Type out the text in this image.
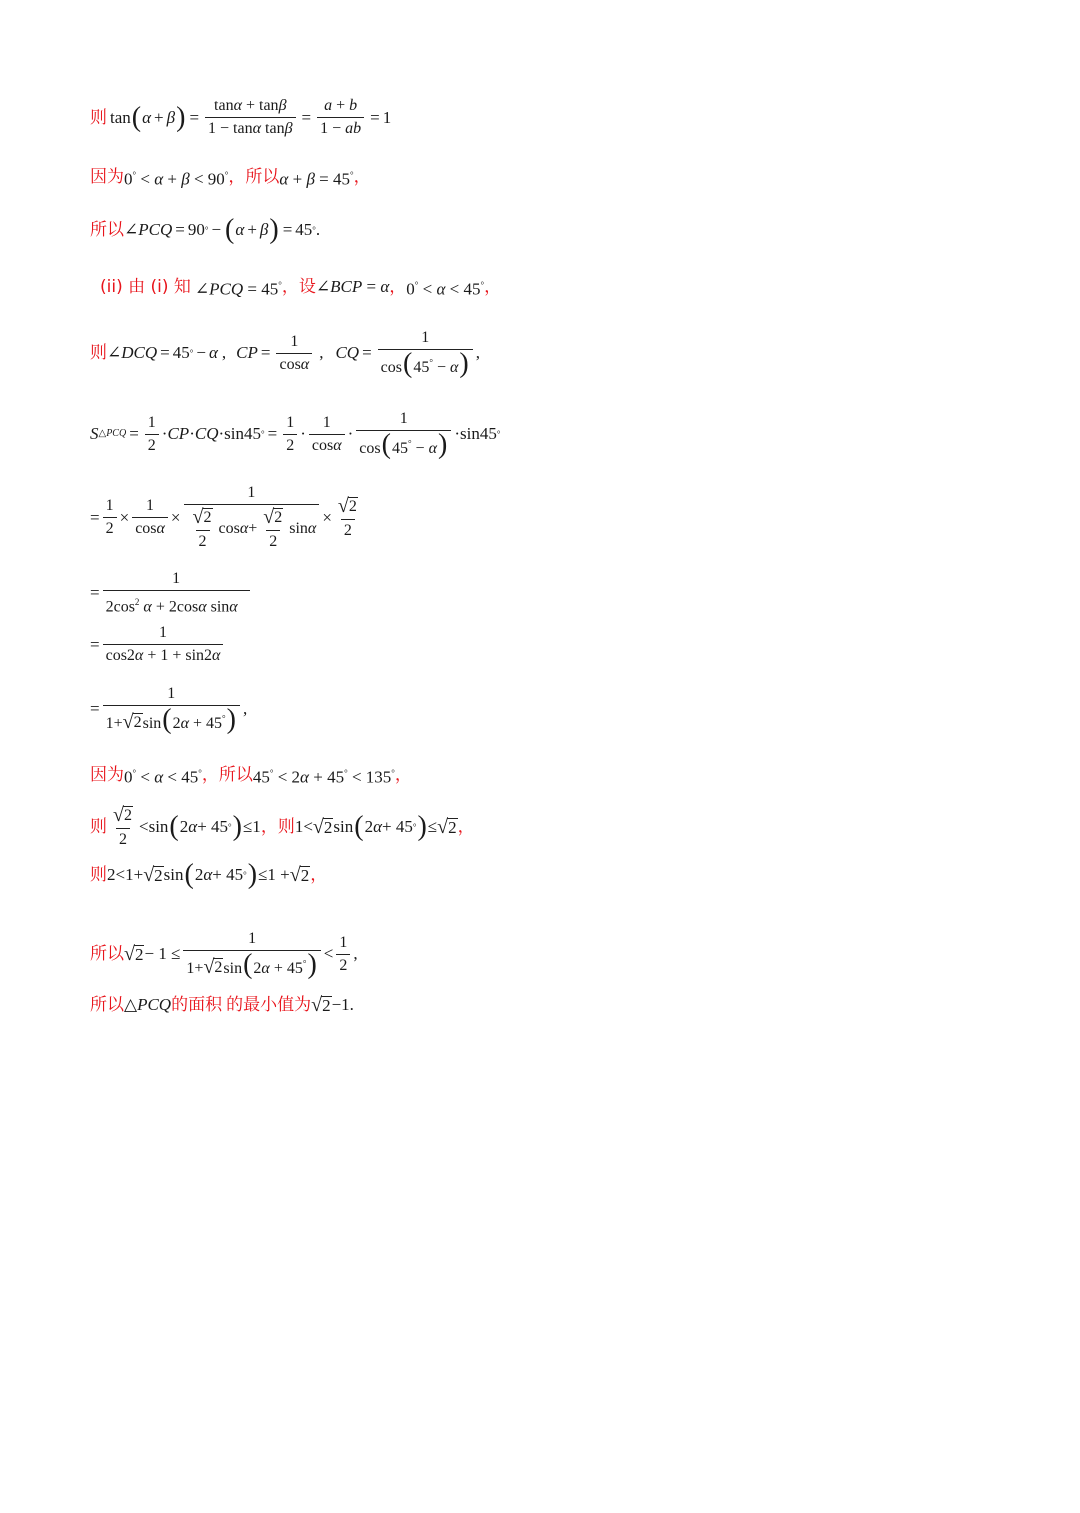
则 tan ( α + β ) = $\frac{\tan\alpha + \tan\beta}{\text{1 − tanα tanβ}} = \frac{a + b}{1 - ab} = 1$
因为 0° < α + β < 90° ， 所以 α + β = 45° ，
所以 ∠ PCQ = 90 ° − ( α + β ) = 45 ° .
(ii) 由 (i) 知 ∠PCQ = 45° ， 设 ∠BCP = α ， 0° < α < 45° ，
则 ∠ DCQ = 45 ° − α , CP = $\frac{1}{\cos\alpha}$ , CQ = $\frac{1}{\cos(45^\circ - \alpha)}$ ,
S △PCQ = $\frac{1}{2}$ · CP · CQ ·sin45 ° = $\frac{1}{2} \cdot \frac{1}{\cos\alpha} \cdot \frac{1}{\cos(45^\circ - \alpha)} \cdot\sin 45$ °
= $\frac{1}{2} \times \frac{1}{\cos\alpha} \times \frac{1}{\frac{√ 2}{2} \cos \alpha + \frac{√ 2}{2} \sin \alpha} \times \frac{√ 2}{2}$
= $\frac{1}{2\cos^2 \alpha + 2\cos\alpha \sin\alpha}$
= $\frac{1}{\cos 2\alpha + 1 + \sin 2\alpha}$
= $\frac{1}{1+ √ 2 \sin(2\alpha + 45^\circ)}$ ,
因为 0° < α < 45° ， 所以 45° < 2α + 45° < 135° ，
则 $\frac{√ 2}{2} <\sin$ ( 2 α + 45 ° ) ≤1 ， 则 1< √ 2 sin ( 2 α + 45 ° ) ≤ √ 2 ，
则 2<1+ √ 2 sin ( 2 α + 45 ° ) ≤1 + √ 2 ，
所以 √ $2 - 1 \le \frac{1}{1+ √ 2 \sin(2\alpha + 45^\circ)} < \frac{1}{2}$ ,
所以 △PCQ 的面积 的最小值为 √ 2 −1.
